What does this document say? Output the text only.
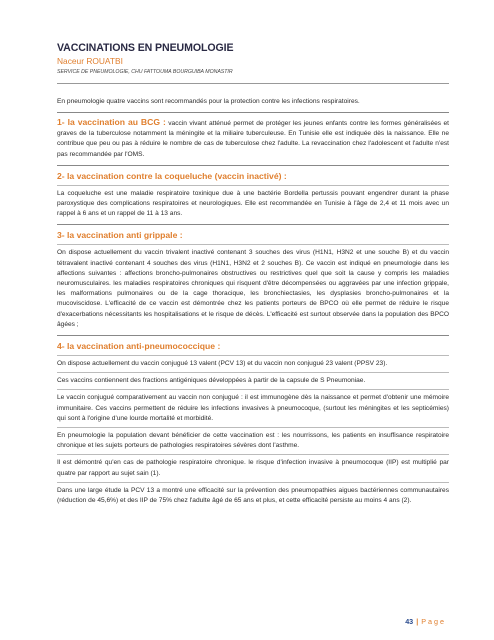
VACCINATIONS EN PNEUMOLOGIE
Naceur ROUATBI
SERVICE DE PNEUMOLOGIE, CHU FATTOUMA BOURGUIBA MONASTIR

En pneumologie quatre vaccins sont recommandés pour la protection contre les infections respiratoires.

1- la vaccination au BCG : vaccin vivant atténué permet de protéger les jeunes enfants contre les formes généralisées et graves de la tuberculose notamment la méningite et la miliaire tuberculeuse. En Tunisie elle est indiquée dès la naissance. Elle ne contribue que peu ou pas à réduire le nombre de cas de tuberculose chez l'adulte. La revaccination chez l'adolescent et l'adulte n'est pas recommandée par l'OMS.

2- la vaccination contre la coqueluche (vaccin inactivé) :

La coqueluche est une maladie respiratoire toxinique due à une bactérie Bordella pertussis pouvant engendrer durant la phase paroxystique des complications respiratoires et neurologiques. Elle est recommandée en Tunisie à l'âge de 2,4 et 11 mois avec un rappel à 6 ans et un rappel de 11 à 13 ans.

3- la vaccination anti grippale :

On dispose actuellement du vaccin trivalent inactivé contenant 3 souches des virus (H1N1, H3N2 et une souche B) et du vaccin tétravalent inactivé contenant 4 souches des virus (H1N1, H3N2 et 2 souches B). Ce vaccin est indiqué en pneumologie dans les affections suivantes : affections broncho-pulmonaires obstructives ou restrictives quel que soit la cause y compris les maladies neuromusculaires. les maladies respiratoires chroniques qui risquent d'être décompensées ou aggravées par une infection grippale, les malformations pulmonaires ou de la cage thoracique, les bronchiectasies, les dysplasies broncho-pulmonaires et la mucoviscidose. L'efficacité de ce vaccin est démontrée chez les patients porteurs de BPCO où elle permet de réduire le risque d'exacerbations nécessitants les hospitalisations et le risque de décès. L'efficacité est surtout observée dans la population des BPCO âgées ;

4- la vaccination anti-pneumococcique :

On dispose actuellement du vaccin conjugué 13 valent (PCV 13) et du vaccin non conjugué 23 valent (PPSV 23).

Ces vaccins contiennent des fractions antigéniques développées à partir de la capsule de S Pneumoniae.

Le vaccin conjugué comparativement au vaccin non conjugué : il est immunogène dès la naissance et permet d'obtenir une mémoire immunitaire. Ces vaccins permettent de réduire les infections invasives à pneumocoque, (surtout les méningites et les septicémies) qui sont à l'origine d'une lourde mortalité et morbidité.

En pneumologie la population devant bénéficier de cette vaccination est : les nourrissons, les patients en insuffisance respiratoire chronique et les sujets porteurs de pathologies respiratoires sévères dont l'asthme.

Il est démontré qu'en cas de pathologie respiratoire chronique. le risque d'infection invasive à pneumocoque (IIP) est multiplié par quatre par rapport au sujet sain (1).

Dans une large étude la PCV 13 a montré une efficacité sur la prévention des pneumopathies aigues bactériennes communautaires (réduction de 45,6%) et des IIP de 75% chez l'adulte âgé de 65 ans et plus, et cette efficacité persiste au moins 4 ans (2).

43 | Page
